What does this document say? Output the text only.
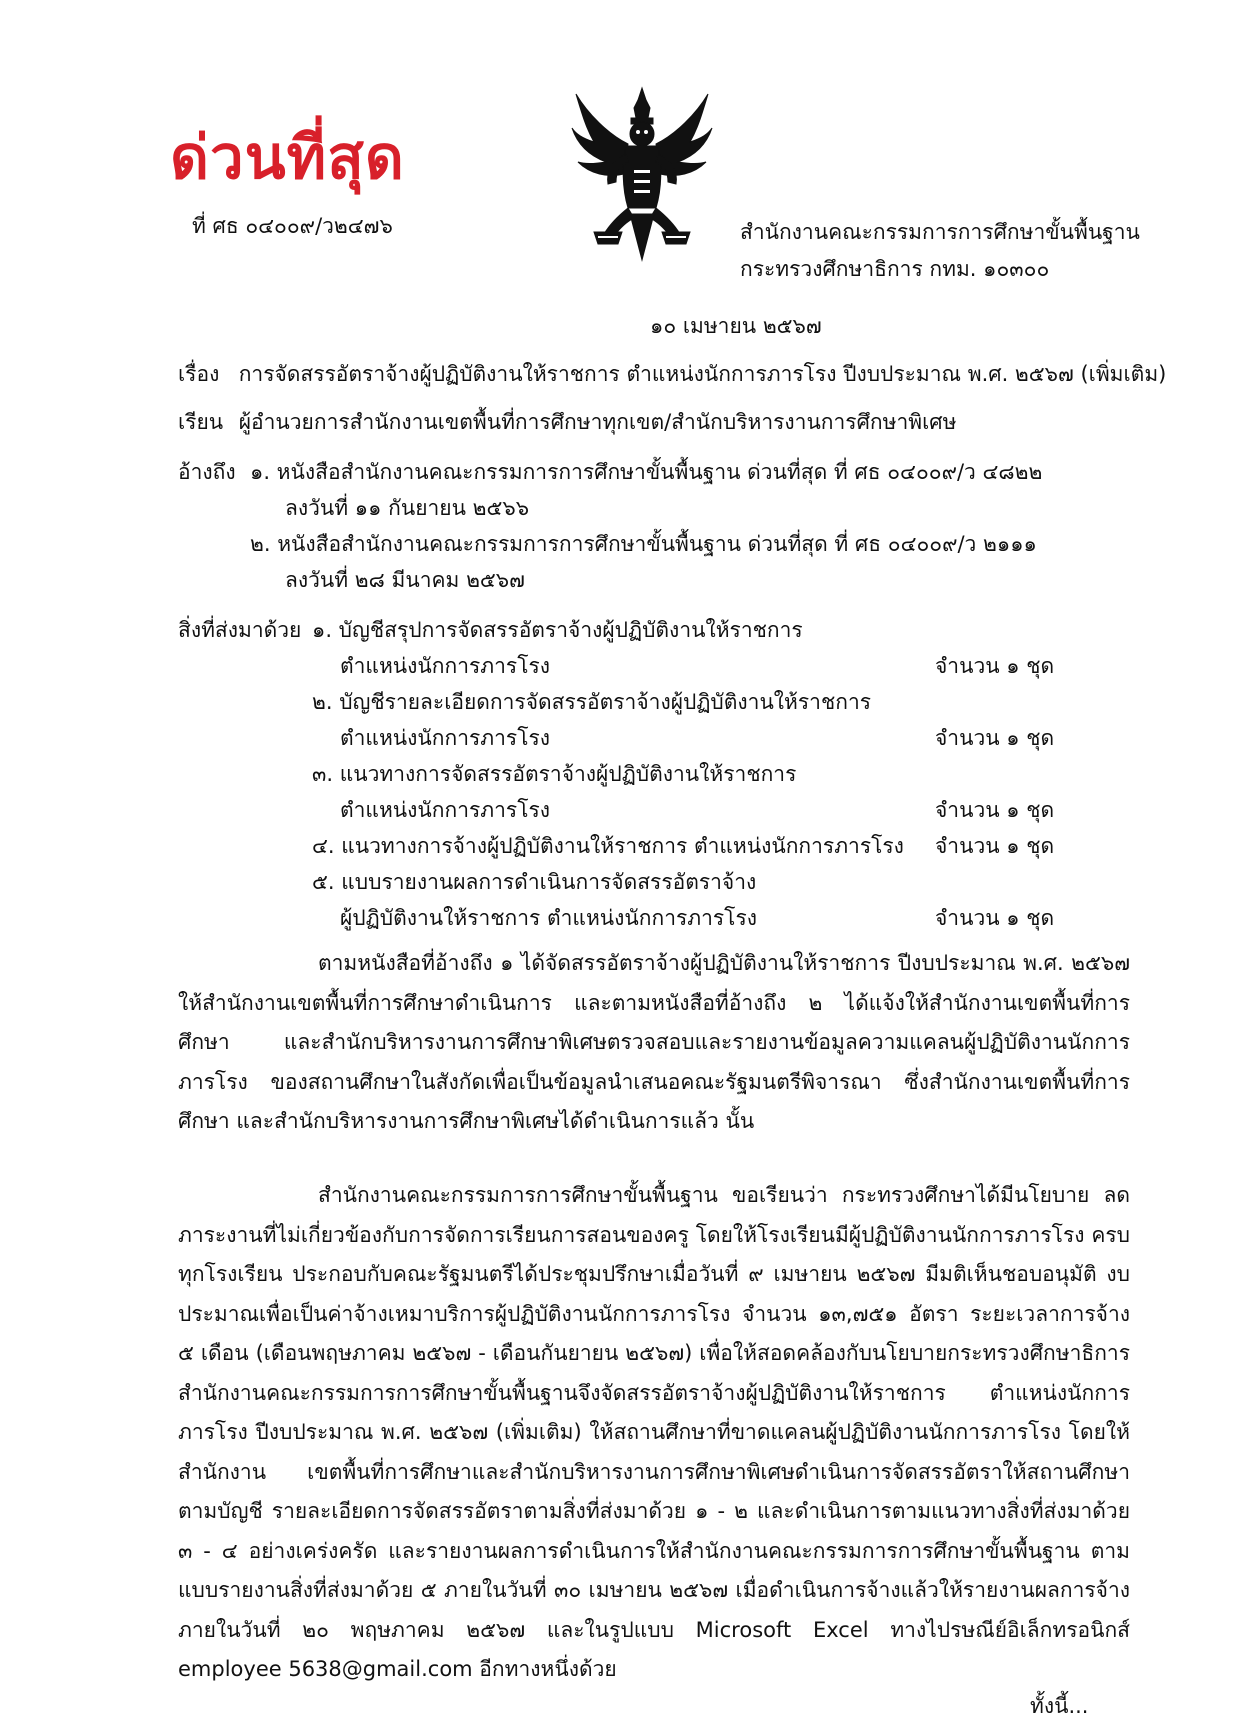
ด่วนที่สุด
ที่ ศธ ๐๔๐๐๙/ว๒๔๗๖	สำนักงานคณะกรรมการการศึกษาขั้นพื้นฐาน
กระทรวงศึกษาธิการ กทม. ๑๐๓๐๐
๑๐ เมษายน ๒๕๖๗
เรื่อง การจัดสรรอัตราจ้างผู้ปฏิบัติงานให้ราชการ ตำแหน่งนักการภารโรง ปีงบประมาณ พ.ศ. ๒๕๖๗ (เพิ่มเติม)
เรียน ผู้อำนวยการสำนักงานเขตพื้นที่การศึกษาทุกเขต/สำนักบริหารงานการศึกษาพิเศษ
อ้างถึง ๑. หนังสือสำนักงานคณะกรรมการการศึกษาขั้นพื้นฐาน ด่วนที่สุด ที่ ศธ ๐๔๐๐๙/ว ๔๘๒๒
ลงวันที่ ๑๑ กันยายน ๒๕๖๖
๒. หนังสือสำนักงานคณะกรรมการการศึกษาขั้นพื้นฐาน ด่วนที่สุด ที่ ศธ ๐๔๐๐๙/ว ๒๑๑๑
ลงวันที่ ๒๘ มีนาคม ๒๕๖๗
สิ่งที่ส่งมาด้วย ๑. บัญชีสรุปการจัดสรรอัตราจ้างผู้ปฏิบัติงานให้ราชการ
ตำแหน่งนักการภารโรง	จำนวน ๑ ชุด
๒. บัญชีรายละเอียดการจัดสรรอัตราจ้างผู้ปฏิบัติงานให้ราชการ
ตำแหน่งนักการภารโรง	จำนวน ๑ ชุด
๓. แนวทางการจัดสรรอัตราจ้างผู้ปฏิบัติงานให้ราชการ
ตำแหน่งนักการภารโรง	จำนวน ๑ ชุด
๔. แนวทางการจ้างผู้ปฏิบัติงานให้ราชการ ตำแหน่งนักการภารโรง จำนวน ๑ ชุด
๕. แบบรายงานผลการดำเนินการจัดสรรอัตราจ้าง
ผู้ปฏิบัติงานให้ราชการ ตำแหน่งนักการภารโรง	จำนวน ๑ ชุด
ตามหนังสือที่อ้างถึง ๑ ได้จัดสรรอัตราจ้างผู้ปฏิบัติงานให้ราชการ ปีงบประมาณ พ.ศ. ๒๕๖๗ ให้สำนักงานเขตพื้นที่การศึกษาดำเนินการ และตามหนังสือที่อ้างถึง ๒ ได้แจ้งให้สำนักงานเขตพื้นที่การศึกษา และสำนักบริหารงานการศึกษาพิเศษตรวจสอบและรายงานข้อมูลความแคลนผู้ปฏิบัติงานนักการภารโรง ของสถานศึกษาในสังกัดเพื่อเป็นข้อมูลนำเสนอคณะรัฐมนตรีพิจารณา ซึ่งสำนักงานเขตพื้นที่การศึกษา และสำนักบริหารงานการศึกษาพิเศษได้ดำเนินการแล้ว นั้น
สำนักงานคณะกรรมการการศึกษาขั้นพื้นฐาน ขอเรียนว่า กระทรวงศึกษาได้มีนโยบาย ลดภาระงานที่ไม่เกี่ยวข้องกับการจัดการเรียนการสอนของครู โดยให้โรงเรียนมีผู้ปฏิบัติงานนักการภารโรง ครบทุกโรงเรียน ประกอบกับคณะรัฐมนตรีได้ประชุมปรึกษาเมื่อวันที่ ๙ เมษายน ๒๕๖๗ มีมติเห็นชอบอนุมัติ งบประมาณเพื่อเป็นค่าจ้างเหมาบริการผู้ปฏิบัติงานนักการภารโรง จำนวน ๑๓,๗๕๑ อัตรา ระยะเวลาการจ้าง ๕ เดือน (เดือนพฤษภาคม ๒๕๖๗ - เดือนกันยายน ๒๕๖๗) เพื่อให้สอดคล้องกับนโยบายกระทรวงศึกษาธิการ สำนักงานคณะกรรมการการศึกษาขั้นพื้นฐานจึงจัดสรรอัตราจ้างผู้ปฏิบัติงานให้ราชการ ตำแหน่งนักการภารโรง ปีงบประมาณ พ.ศ. ๒๕๖๗ (เพิ่มเติม) ให้สถานศึกษาที่ขาดแคลนผู้ปฏิบัติงานนักการภารโรง โดยให้สำนักงาน เขตพื้นที่การศึกษาและสำนักบริหารงานการศึกษาพิเศษดำเนินการจัดสรรอัตราให้สถานศึกษาตามบัญชี รายละเอียดการจัดสรรอัตราตามสิ่งที่ส่งมาด้วย ๑ - ๒ และดำเนินการตามแนวทางสิ่งที่ส่งมาด้วย ๓ - ๔ อย่างเคร่งครัด และรายงานผลการดำเนินการให้สำนักงานคณะกรรมการการศึกษาขั้นพื้นฐาน ตามแบบรายงานสิ่งที่ส่งมาด้วย ๕ ภายในวันที่ ๓๐ เมษายน ๒๕๖๗ เมื่อดำเนินการจ้างแล้วให้รายงานผลการจ้างภายในวันที่ ๒๐ พฤษภาคม ๒๕๖๗ และในรูปแบบ Microsoft Excel ทางไปรษณีย์อิเล็กทรอนิกส์ employee 5638@gmail.com อีกทางหนึ่งด้วย
ทั้งนี้...
